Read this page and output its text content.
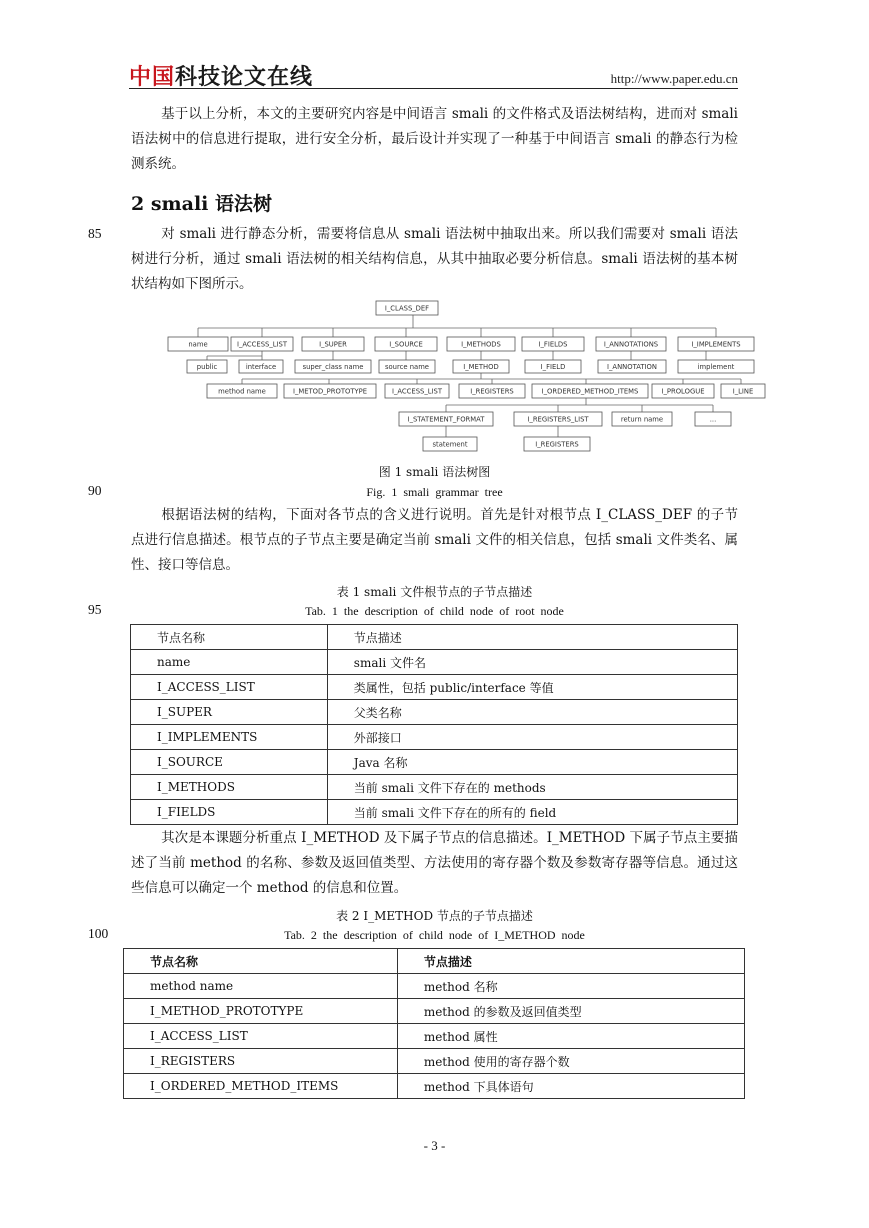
中国科技论文在线	http://www.paper.edu.cn

基于以上分析，本文的主要研究内容是中间语言 smali 的文件格式及语法树结构，进而对 smali 语法树中的信息进行提取，进行安全分析，最后设计并实现了一种基于中间语言 smali 的静态行为检测系统。

2 smali 语法树
85
90
95
100

对 smali 进行静态分析，需要将信息从 smali 语法树中抽取出来。所以我们需要对 smali 语法树进行分析，通过 smali 语法树的相关结构信息，从其中抽取必要分析信息。smali 语法树的基本树状结构如下图所示。

I_CLASS_DEF
name	I_ACCESS_LIST	I_SUPER	I_SOURCE	I_METHODS	I_FIELDS	I_ANNOTATIONS	I_IMPLEMENTS
public	interface	super_class name	source name	I_METHOD	I_FIELD	I_ANNOTATION	implement
method name	I_METOD_PROTOTYPE	I_ACCESS_LIST	I_REGISTERS	I_ORDERED_METHOD_ITEMS	I_PROLOGUE	I_LINE
I_STATEMENT_FORMAT	I_REGISTERS_LIST	return name	...
statement	I_REGISTERS
图 1 smali 语法树图
Fig. 1 smali grammar tree

根据语法树的结构，下面对各节点的含义进行说明。首先是针对根节点 I_CLASS_DEF 的子节点进行信息描述。根节点的子节点主要是确定当前 smali 文件的相关信息，包括 smali 文件类名、属性、接口等信息。

表 1 smali 文件根节点的子节点描述
Tab. 1 the description of child node of root node
节点名称	节点描述
name	smali 文件名
I_ACCESS_LIST	类属性，包括 public/interface 等值
I_SUPER	父类名称
I_IMPLEMENTS	外部接口
I_SOURCE	Java 名称
I_METHODS	当前 smali 文件下存在的 methods
I_FIELDS	当前 smali 文件下存在的所有的 field

其次是本课题分析重点 I_METHOD 及下属子节点的信息描述。I_METHOD 下属子节点主要描述了当前 method 的名称、参数及返回值类型、方法使用的寄存器个数及参数寄存器等信息。通过这些信息可以确定一个 method 的信息和位置。

表 2 I_METHOD 节点的子节点描述
Tab. 2 the description of child node of I_METHOD node
节点名称	节点描述
method name	method 名称
I_METHOD_PROTOTYPE	method 的参数及返回值类型
I_ACCESS_LIST	method 属性
I_REGISTERS	method 使用的寄存器个数
I_ORDERED_METHOD_ITEMS	method 下具体语句
- 3 -
